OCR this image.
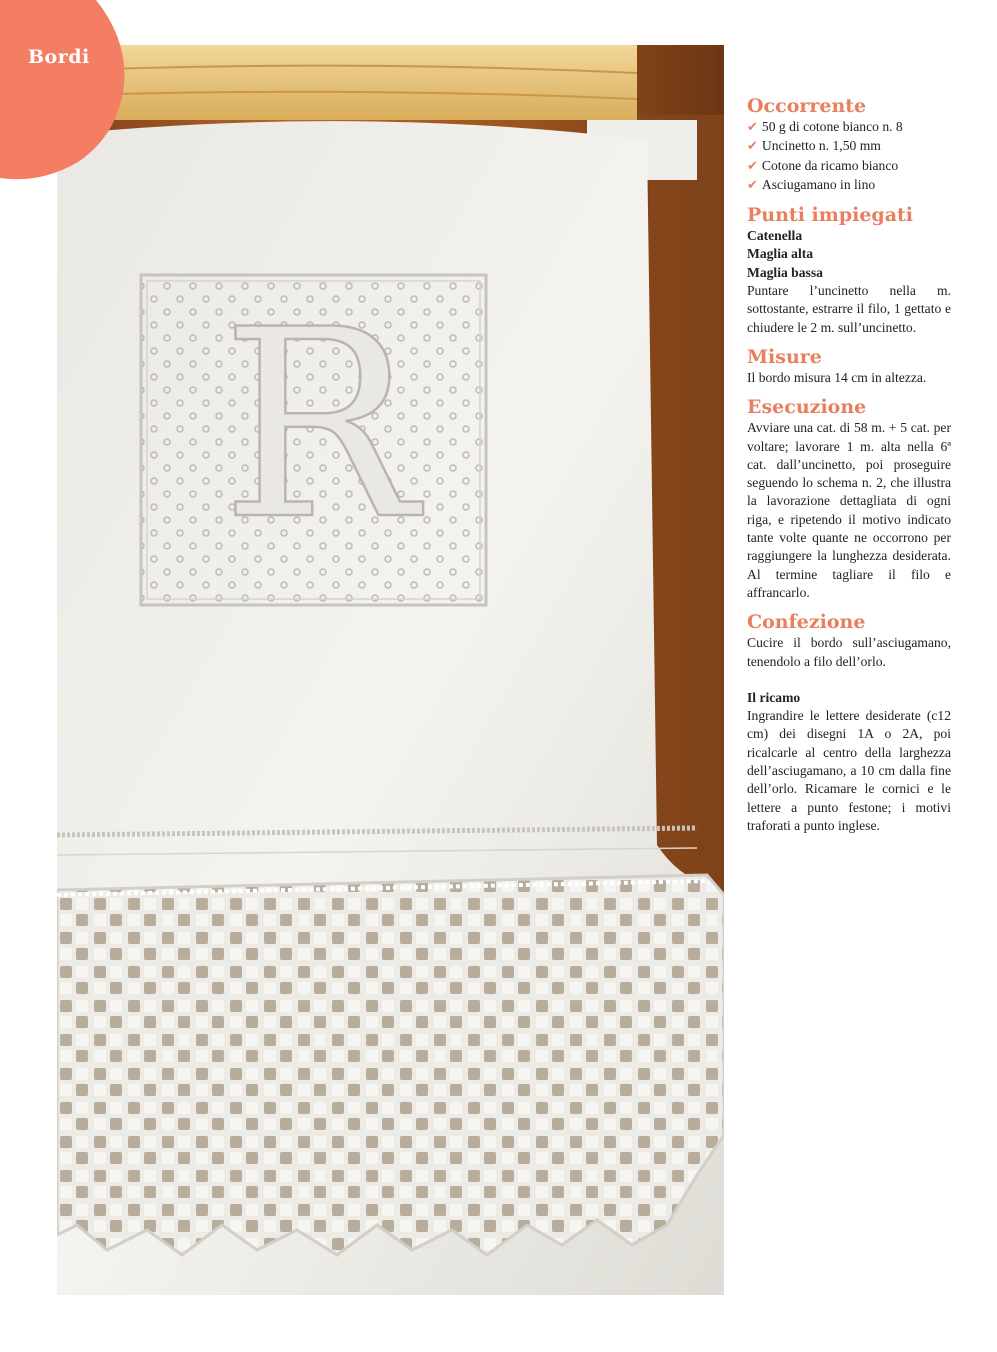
R
Bordi
Occorrente
✔ 50 g di cotone bianco n. 8
✔ Uncinetto n. 1,50 mm
✔ Cotone da ricamo bianco
✔ Asciugamano in lino
Punti impiegati

Catenella

Maglia alta

Maglia bassa

Puntare l’uncinetto nella m. sottostante, estrarre il filo, 1 gettato e chiudere le 2 m. sull’uncinetto.

Misure

Il bordo misura 14 cm in altezza.

Esecuzione

Avviare una cat. di 58 m. + 5 cat. per voltare; lavorare 1 m. alta nella 6ª cat. dall’uncinetto, poi proseguire seguendo lo schema n. 2, che illustra la lavorazione dettagliata di ogni riga, e ripetendo il motivo indicato tante volte quante ne occorrono per raggiungere la lunghezza desiderata. Al termine tagliare il filo e affrancarlo.

Confezione

Cucire il bordo sull’asciugamano, tenendolo a filo dell’orlo.

Il ricamo

Ingrandire le lettere desiderate (c12 cm) dei disegni 1A o 2A, poi ricalcarle al centro della larghezza dell’asciugamano, a 10 cm dalla fine dell’orlo. Ricamare le cornici e le lettere a punto festone; i motivi traforati a punto inglese.
